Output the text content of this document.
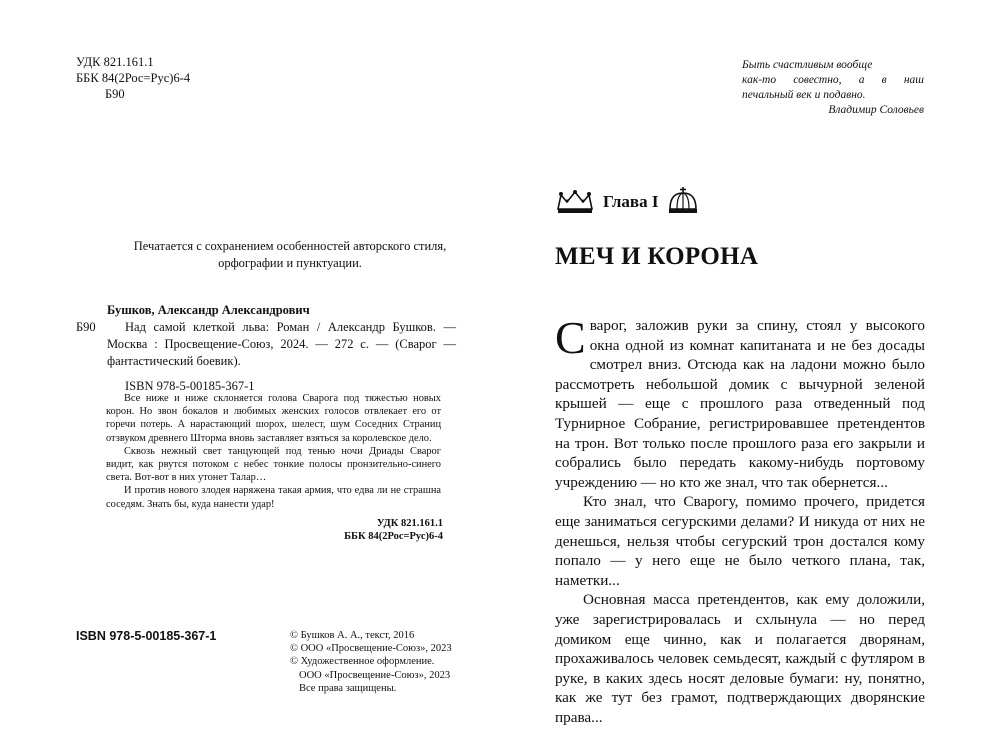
УДК 821.161.1
ББК 84(2Рос=Рус)6-4
Б90
Печатается с сохранением особенностей авторского стиля,
орфографии и пунктуации.
Бушков, Александр Александрович
Б90	Над самой клеткой льва: Роман / Александр Бушков. — Москва : Просвещение-Союз, 2024. — 272 с. — (Сварог — фантастический боевик).
ISBN 978-5-00185-367-1

Все ниже и ниже склоняется голова Сварога под тяжестью новых корон. Но звон бокалов и любимых женских голосов отвлекает его от горечи потерь. А нарастающий шорох, шелест, шум Соседних Страниц отзвуком древнего Шторма вновь заставляет взяться за королевское дело.

Сквозь нежный свет танцующей под тенью ночи Дриады Сварог видит, как рвутся потоком с небес тонкие полосы пронзительно-синего света. Вот-вот в них утонет Талар…

И против нового злодея наряжена такая армия, что едва ли не страшна соседям. Знать бы, куда нанести удар!

УДК 821.161.1
ББК 84(2Рос=Рус)6-4
ISBN 978-5-00185-367-1	© Бушков А. А., текст, 2016
© ООО «Просвещение-Союз», 2023
© Художественное оформление.
ООО «Просвещение-Союз», 2023
Все права защищены.
Быть счастливым вообще
как-то совестно, а в наш
печальный век и подавно.
Владимир Соловьев
Глава I
МЕЧ И КОРОНА

Сварог, заложив руки за спину, стоял у высокого окна одной из комнат капитаната и не без досады смотрел вниз. Отсюда как на ладони можно было рассмотреть небольшой домик с вычурной зеленой крышей — еще с прошлого раза отведенный под Турнирное Собрание, регистрировавшее претендентов на трон. Вот только после прошлого раза его закрыли и собрались было передать какому-нибудь портовому учреждению — но кто же знал, что так обернется...

Кто знал, что Сварогу, помимо прочего, придется еще заниматься сегурскими делами? И никуда от них не денешься, нельзя чтобы сегурский трон достался кому попало — у него еще не было четкого плана, так, наметки...

Основная масса претендентов, как ему доложили, уже зарегистрировалась и схлынула — но перед домиком еще чинно, как и полагается дворянам, прохаживалось человек семьдесят, каждый с футляром в руке, в каких здесь носят деловые бумаги: ну, понятно, как же тут без грамот, подтверждающих дворянские права...
